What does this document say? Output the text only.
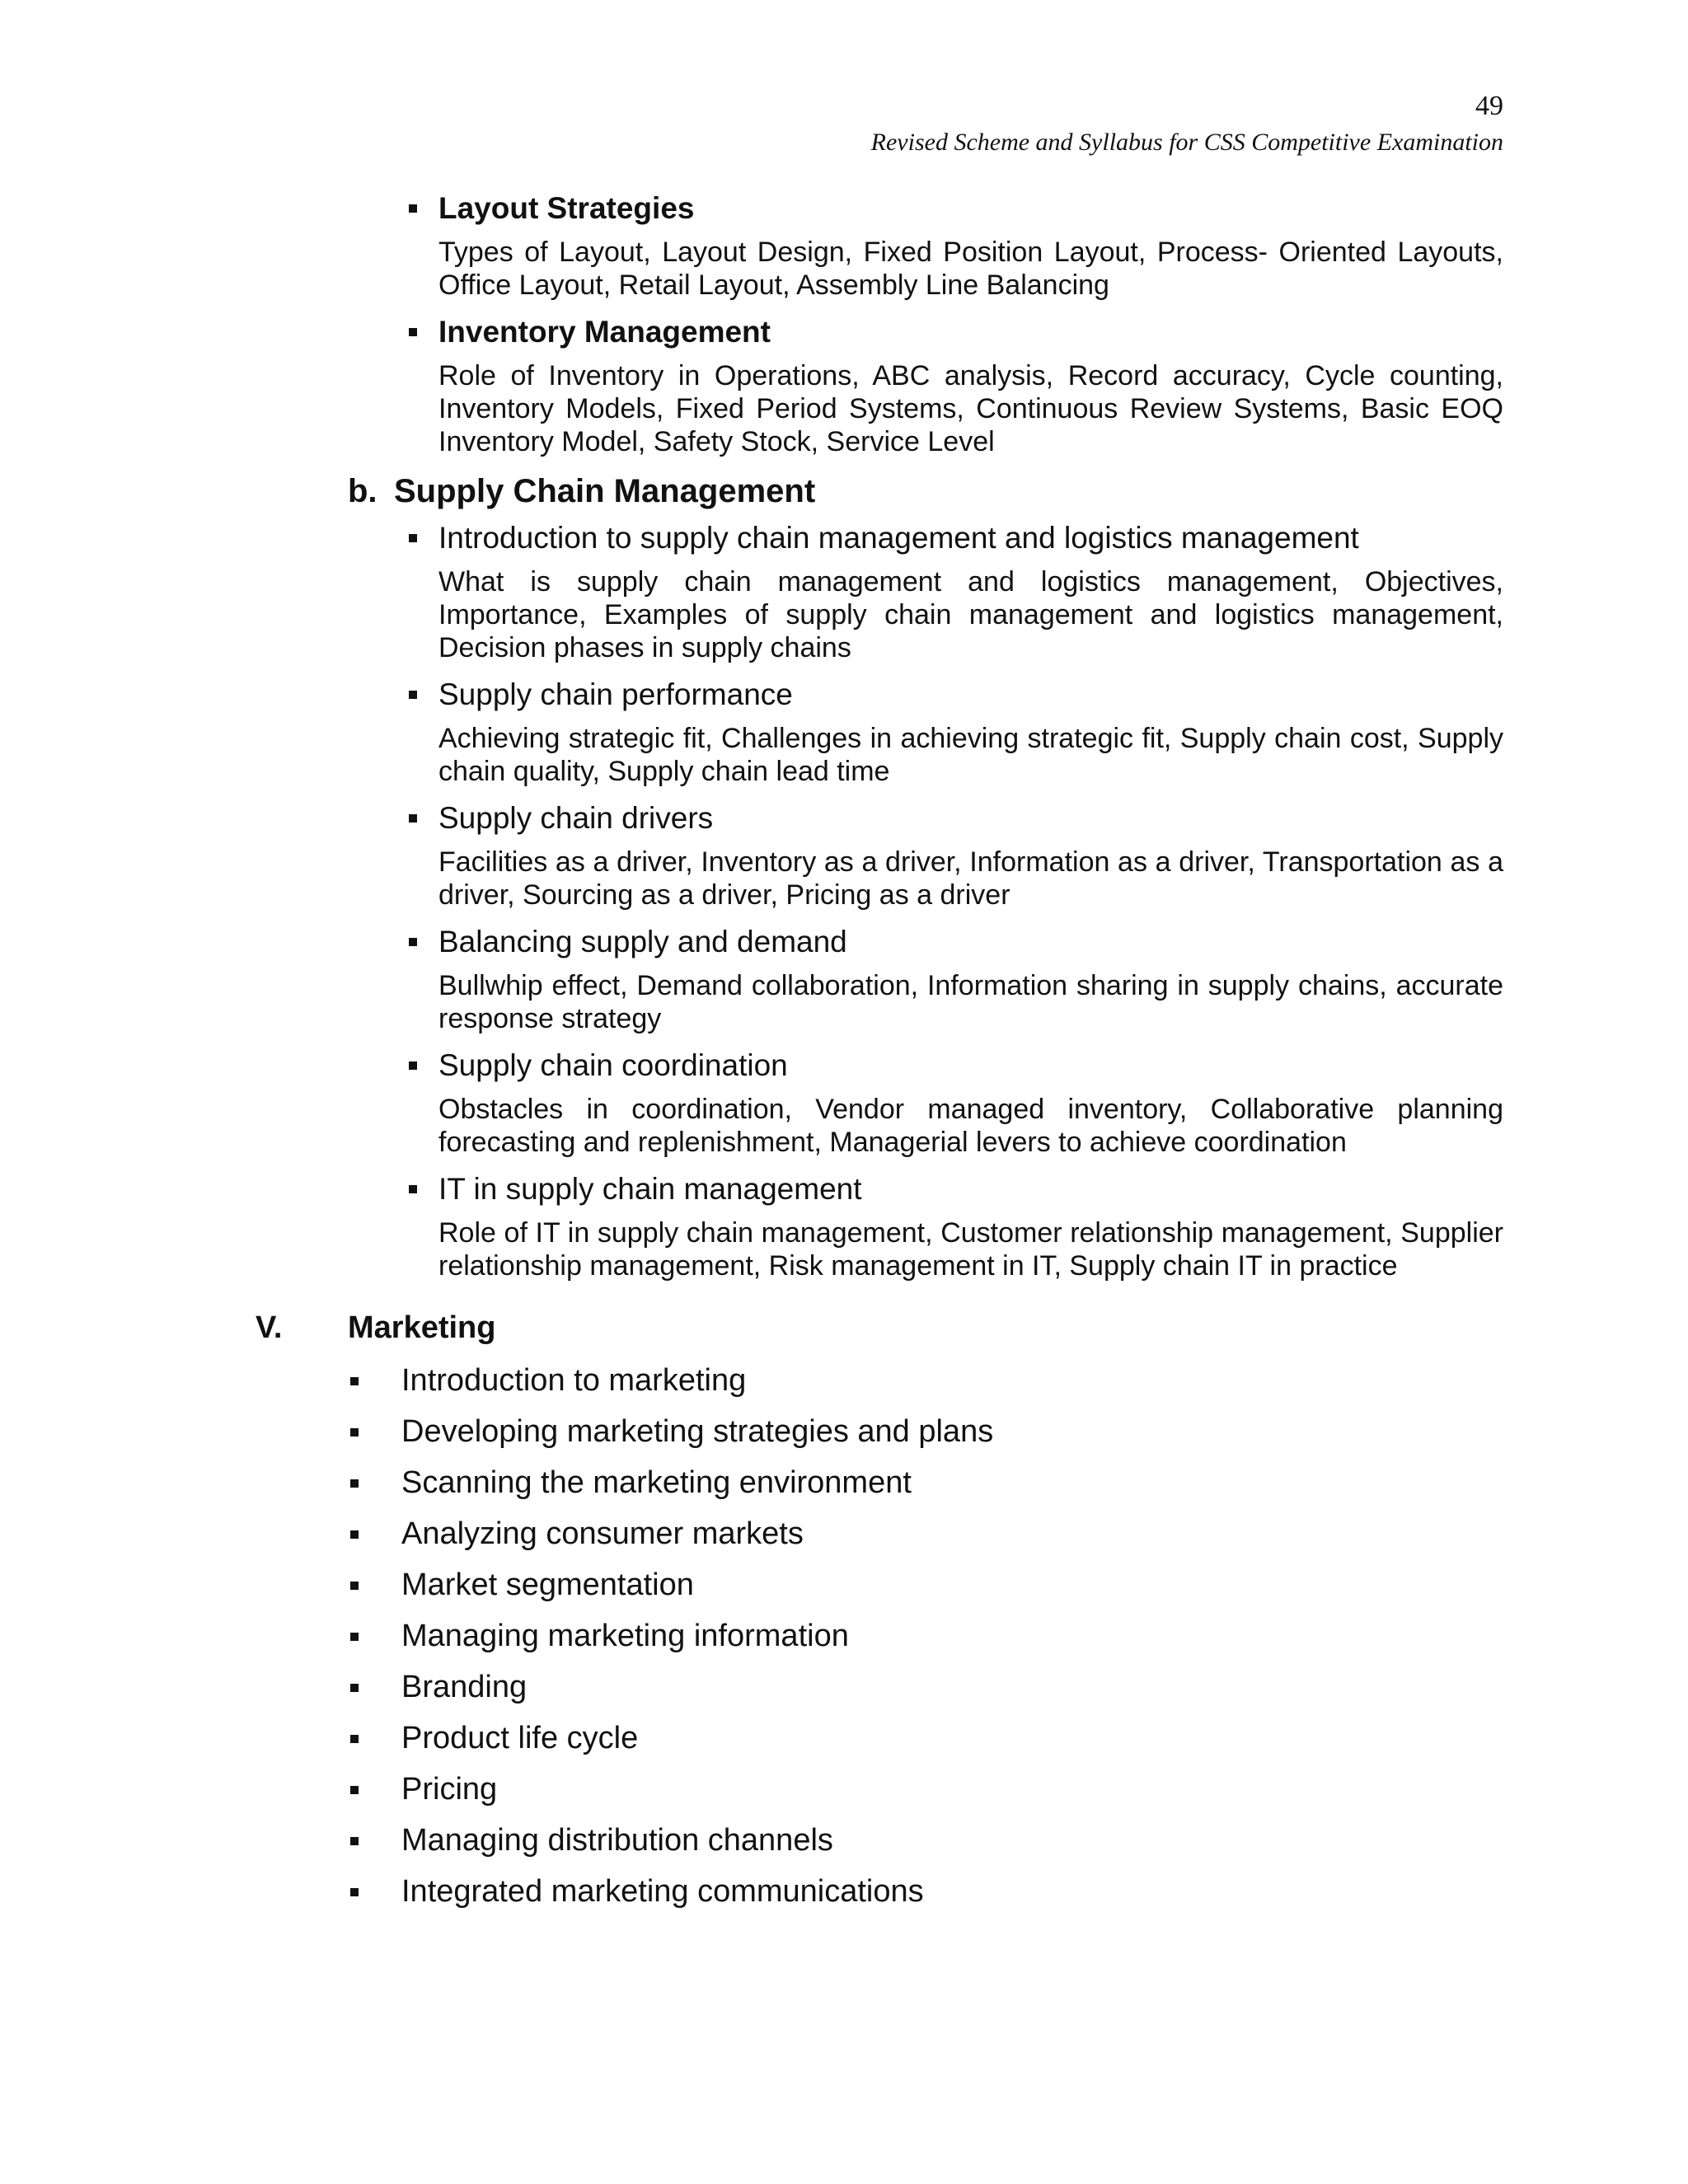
49
Revised Scheme and Syllabus for CSS Competitive Examination
Layout Strategies
Types of Layout, Layout Design, Fixed Position Layout, Process- Oriented Layouts, Office Layout, Retail Layout, Assembly Line Balancing
Inventory Management
Role of Inventory in Operations, ABC analysis, Record accuracy, Cycle counting, Inventory Models, Fixed Period Systems, Continuous Review Systems, Basic EOQ Inventory Model, Safety Stock, Service Level
b. Supply Chain Management
Introduction to supply chain management and logistics management
What is supply chain management and logistics management, Objectives, Importance, Examples of supply chain management and logistics management, Decision phases in supply chains
Supply chain performance
Achieving strategic fit, Challenges in achieving strategic fit, Supply chain cost, Supply chain quality, Supply chain lead time
Supply chain drivers
Facilities as a driver, Inventory as a driver, Information as a driver, Transportation as a driver, Sourcing as a driver, Pricing as a driver
Balancing supply and demand
Bullwhip effect, Demand collaboration, Information sharing in supply chains, accurate response strategy
Supply chain coordination
Obstacles in coordination, Vendor managed inventory, Collaborative planning forecasting and replenishment, Managerial levers to achieve coordination
IT in supply chain management
Role of IT in supply chain management, Customer relationship management, Supplier relationship management, Risk management in IT, Supply chain IT in practice
V. Marketing
Introduction to marketing
Developing marketing strategies and plans
Scanning the marketing environment
Analyzing consumer markets
Market segmentation
Managing marketing information
Branding
Product life cycle
Pricing
Managing distribution channels
Integrated marketing communications
